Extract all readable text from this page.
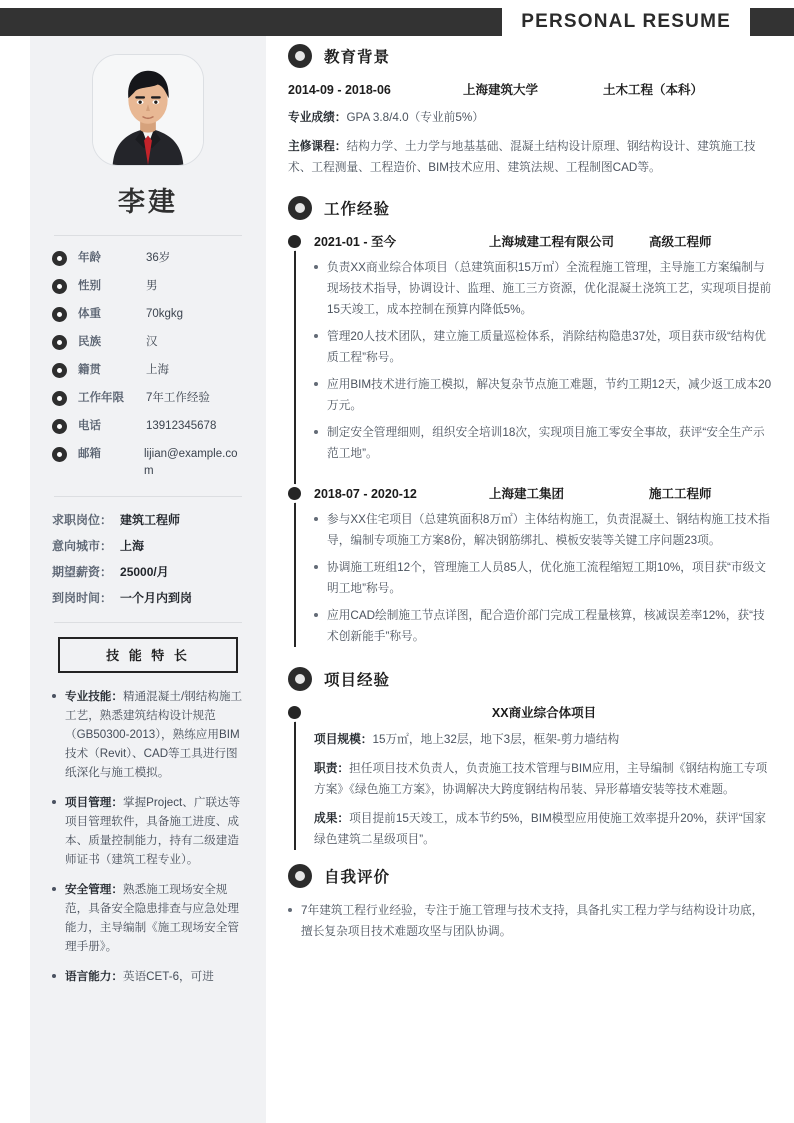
PERSONAL RESUME
李建
年龄	36岁
性别	男
体重	70kgkg
民族	汉
籍贯	上海
工作年限	7年工作经验
电话	13912345678
邮箱	lijian@example.com
求职岗位： 建筑工程师
意向城市： 上海
期望薪资： 25000/月
到岗时间： 一个月内到岗
技 能 特 长
专业技能：精通混凝土/钢结构施工工艺，熟悉建筑结构设计规范（GB50300-2013），熟练应用BIM技术（Revit）、CAD等工具进行图纸深化与施工模拟。
项目管理：掌握Project、广联达等项目管理软件，具备施工进度、成本、质量控制能力，持有二级建造师证书（建筑工程专业）。
安全管理：熟悉施工现场安全规范，具备安全隐患排查与应急处理能力，主导编制《施工现场安全管理手册》。
语言能力：英语CET-6，可进
教育背景
2014-09 - 2018-06	上海建筑大学	土木工程（本科）
专业成绩：GPA 3.8/4.0（专业前5%）
主修课程：结构力学、土力学与地基基础、混凝土结构设计原理、钢结构设计、建筑施工技术、工程测量、工程造价、BIM技术应用、建筑法规、工程制图CAD等。
工作经验
2021-01 - 至今	上海城建工程有限公司	高级工程师
负责XX商业综合体项目（总建筑面积15万㎡）全流程施工管理，主导施工方案编制与现场技术指导，协调设计、监理、施工三方资源，优化混凝土浇筑工艺，实现项目提前15天竣工，成本控制在预算内降低5%。
管理20人技术团队，建立施工质量巡检体系，消除结构隐患37处，项目获市级“结构优质工程”称号。
应用BIM技术进行施工模拟，解决复杂节点施工难题，节约工期12天，减少返工成本20万元。
制定安全管理细则，组织安全培训18次，实现项目施工零安全事故，获评“安全生产示范工地”。
2018-07 - 2020-12	上海建工集团	施工工程师
参与XX住宅项目（总建筑面积8万㎡）主体结构施工，负责混凝土、钢结构施工技术指导，编制专项施工方案8份，解决钢筋绑扎、模板安装等关键工序问题23项。
协调施工班组12个，管理施工人员85人，优化施工流程缩短工期10%，项目获“市级文明工地”称号。
应用CAD绘制施工节点详图，配合造价部门完成工程量核算，核减误差率12%，获“技术创新能手”称号。
项目经验
XX商业综合体项目
项目规模：15万㎡，地上32层，地下3层，框架-剪力墙结构
职责：担任项目技术负责人，负责施工技术管理与BIM应用，主导编制《钢结构施工专项方案》《绿色施工方案》，协调解决大跨度钢结构吊装、异形幕墙安装等技术难题。
成果：项目提前15天竣工，成本节约5%，BIM模型应用使施工效率提升20%，获评“国家绿色建筑二星级项目”。
自我评价
7年建筑工程行业经验，专注于施工管理与技术支持，具备扎实工程力学与结构设计功底，擅长复杂项目技术难题攻坚与团队协调。
